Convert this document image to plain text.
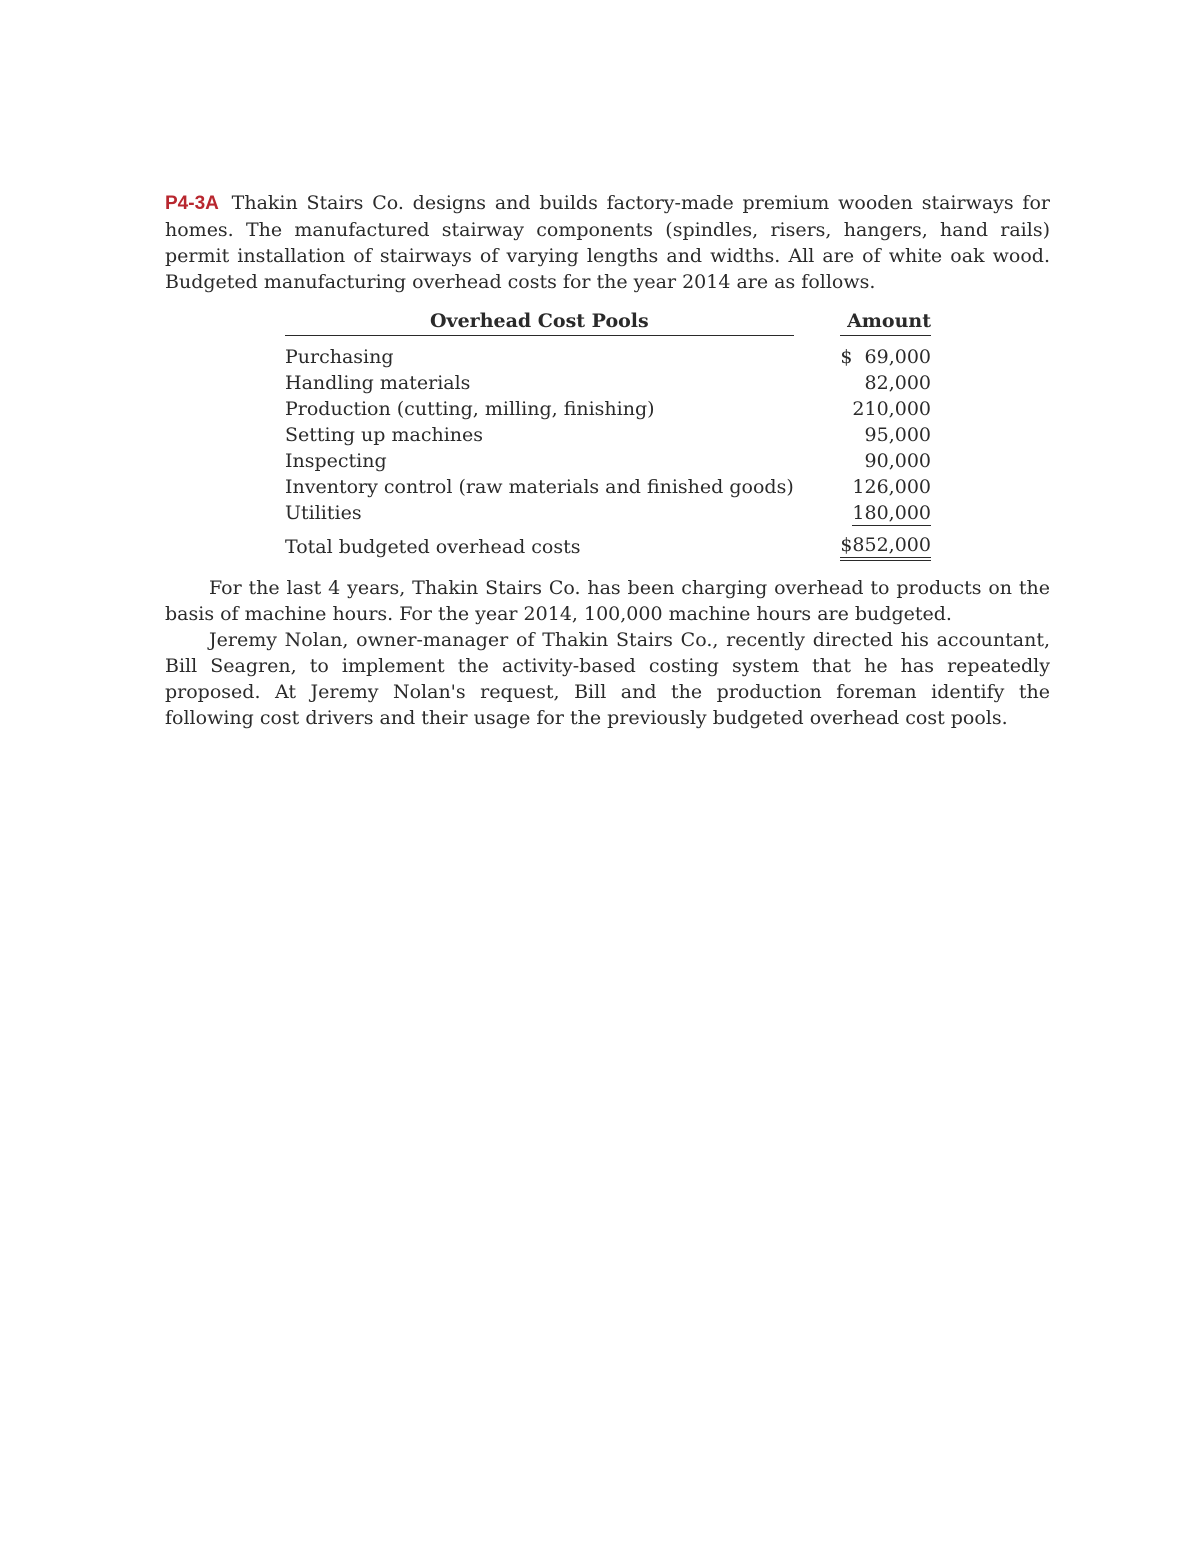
P4-3A Thakin Stairs Co. designs and builds factory-made premium wooden stairways for homes. The manufactured stairway components (spindles, risers, hangers, hand rails) permit installation of stairways of varying lengths and widths. All are of white oak wood. Budgeted manufacturing overhead costs for the year 2014 are as follows.

Overhead Cost Pools		Amount
Purchasing		$  69,000
Handling materials		82,000
Production (cutting, milling, finishing)		210,000
Setting up machines		95,000
Inspecting		90,000
Inventory control (raw materials and finished goods)		126,000
Utilities		180,000
Total budgeted overhead costs		$852,000

For the last 4 years, Thakin Stairs Co. has been charging overhead to products on the basis of machine hours. For the year 2014, 100,000 machine hours are budgeted.

Jeremy Nolan, owner-manager of Thakin Stairs Co., recently directed his accountant, Bill Seagren, to implement the activity-based costing system that he has repeatedly proposed. At Jeremy Nolan's request, Bill and the production foreman identify the following cost drivers and their usage for the previously budgeted overhead cost pools.
